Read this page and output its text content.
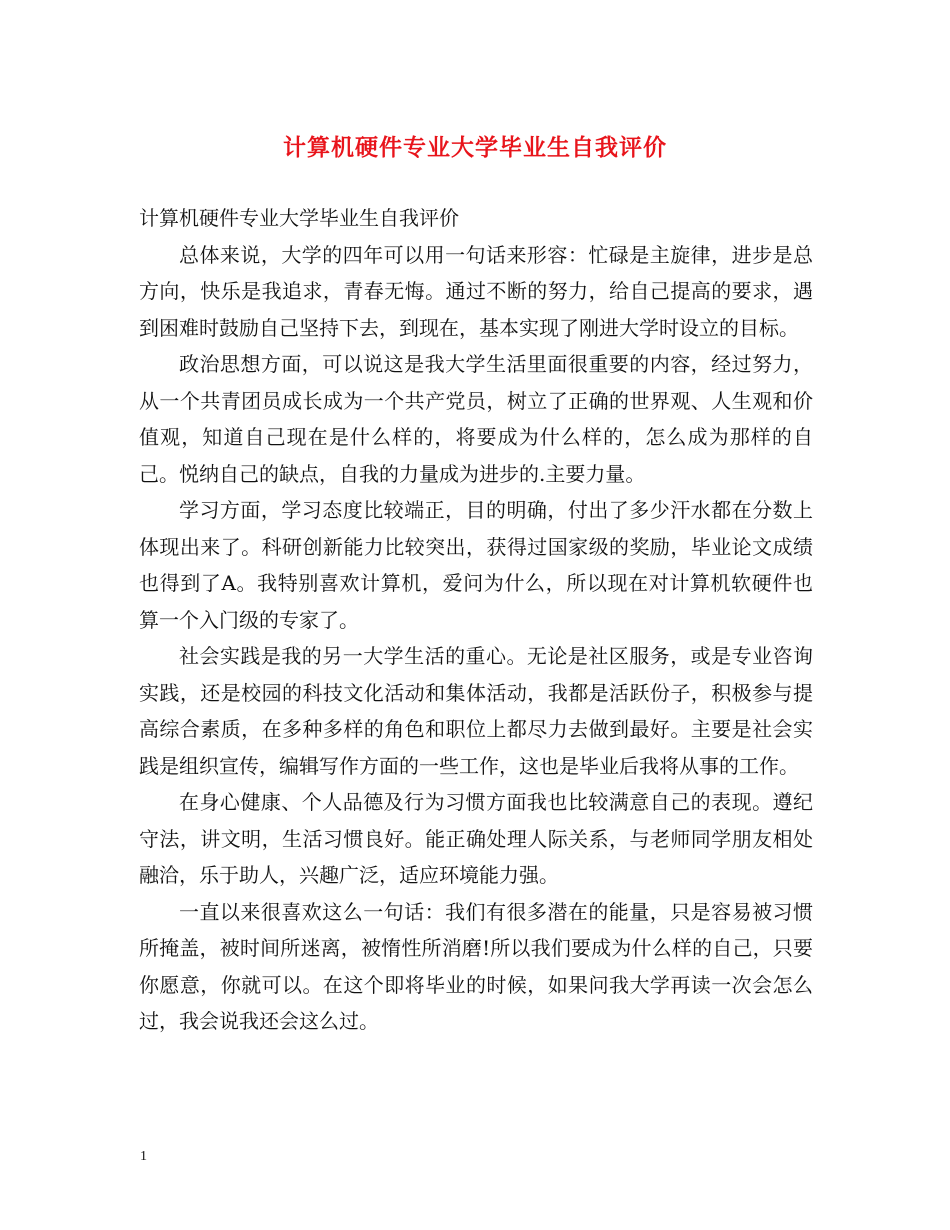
计算机硬件专业大学毕业生自我评价

计算机硬件专业大学毕业生自我评价

总体来说，大学的四年可以用一句话来形容：忙碌是主旋律，进步是总方向，快乐是我追求，青春无悔。通过不断的努力，给自己提高的要求，遇到困难时鼓励自己坚持下去，到现在，基本实现了刚进大学时设立的目标。

政治思想方面，可以说这是我大学生活里面很重要的内容，经过努力，从一个共青团员成长成为一个共产党员，树立了正确的世界观、人生观和价值观，知道自己现在是什么样的，将要成为什么样的，怎么成为那样的自己。悦纳自己的缺点，自我的力量成为进步的.主要力量。

学习方面，学习态度比较端正，目的明确，付出了多少汗水都在分数上体现出来了。科研创新能力比较突出，获得过国家级的奖励，毕业论文成绩也得到了A。我特别喜欢计算机，爱问为什么，所以现在对计算机软硬件也算一个入门级的专家了。

社会实践是我的另一大学生活的重心。无论是社区服务，或是专业咨询实践，还是校园的科技文化活动和集体活动，我都是活跃份子，积极参与提高综合素质，在多种多样的角色和职位上都尽力去做到最好。主要是社会实践是组织宣传，编辑写作方面的一些工作，这也是毕业后我将从事的工作。

在身心健康、个人品德及行为习惯方面我也比较满意自己的表现。遵纪守法，讲文明，生活习惯良好。能正确处理人际关系，与老师同学朋友相处融洽，乐于助人，兴趣广泛，适应环境能力强。

一直以来很喜欢这么一句话：我们有很多潜在的能量，只是容易被习惯所掩盖，被时间所迷离，被惰性所消磨!所以我们要成为什么样的自己，只要你愿意，你就可以。在这个即将毕业的时候，如果问我大学再读一次会怎么过，我会说我还会这么过。

1
